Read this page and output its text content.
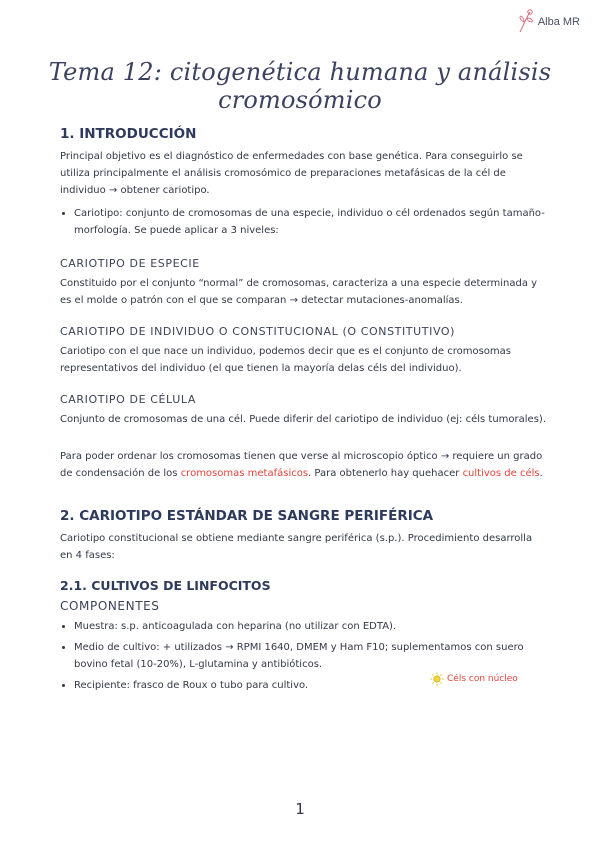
Alba MR
Tema 12: citogenética humana y análisis cromosómico
1. INTRODUCCIÓN

Principal objetivo es el diagnóstico de enfermedades con base genética. Para conseguirlo se utiliza principalmente el análisis cromosómico de preparaciones metafásicas de la cél de individuo → obtener cariotipo.

• Cariotipo: conjunto de cromosomas de una especie, individuo o cél ordenados según tamaño-morfología. Se puede aplicar a 3 niveles:
CARIOTIPO DE ESPECIE

Constituido por el conjunto “normal” de cromosomas, caracteriza a una especie determinada y es el molde o patrón con el que se comparan → detectar mutaciones-anomalías.

CARIOTIPO DE INDIVIDUO O CONSTITUCIONAL (O CONSTITUTIVO)

Cariotipo con el que nace un individuo, podemos decir que es el conjunto de cromosomas representativos del individuo (el que tienen la mayoría delas céls del individuo).

CARIOTIPO DE CÉLULA

Conjunto de cromosomas de una cél. Puede diferir del cariotipo de individuo (ej: céls tumorales).

Para poder ordenar los cromosomas tienen que verse al microscopio óptico → requiere un grado de condensación de los cromosomas metafásicos. Para obtenerlo hay quehacer cultivos de céls.

2. CARIOTIPO ESTÁNDAR DE SANGRE PERIFÉRICA

Cariotipo constitucional se obtiene mediante sangre periférica (s.p.). Procedimiento desarrolla en 4 fases:

2.1. CULTIVOS DE LINFOCITOS
COMPONENTES
• Muestra: s.p. anticoagulada con heparina (no utilizar con EDTA).
• Medio de cultivo: + utilizados → RPMI 1640, DMEM y Ham F10; suplementamos con suero bovino fetal (10-20%), L-glutamina y antibióticos.
• Recipiente: frasco de Roux o tubo para cultivo.
Céls con núcleo
1
